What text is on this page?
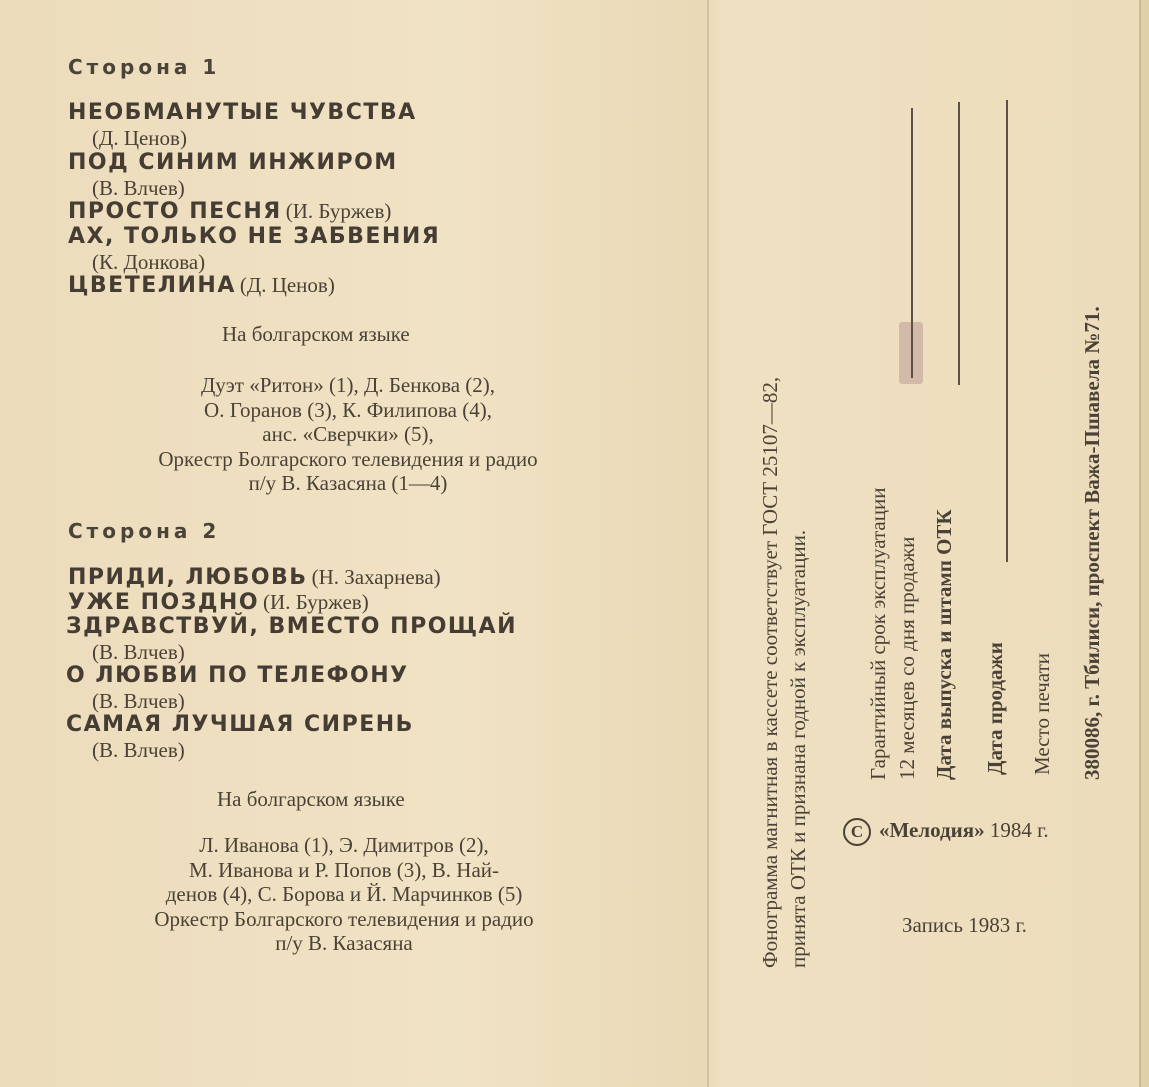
Сторона 1
НЕОБМАНУТЫЕ ЧУВСТВА
(Д. Ценов)
ПОД СИНИМ ИНЖИРОМ
(В. Влчев)
ПРОСТО ПЕСНЯ (И. Буржев)
АХ, ТОЛЬКО НЕ ЗАБВЕНИЯ
(К. Донкова)
ЦВЕТЕЛИНА (Д. Ценов)
На болгарском языке
Дуэт «Ритон» (1), Д. Бенкова (2),
О. Горанов (3), К. Филипова (4),
анс. «Сверчки» (5),
Оркестр Болгарского телевидения и радио
п/у В. Казасяна (1—4)
Сторона 2
ПРИДИ, ЛЮБОВЬ (Н. Захарнева)
УЖЕ ПОЗДНО (И. Буржев)
ЗДРАВСТВУЙ, ВМЕСТО ПРОЩАЙ
(В. Влчев)
О ЛЮБВИ ПО ТЕЛЕФОНУ
(В. Влчев)
САМАЯ ЛУЧШАЯ СИРЕНЬ
(В. Влчев)
На болгарском языке
Л. Иванова (1), Э. Димитров (2),
М. Иванова и Р. Попов (3), В. Най-
денов (4), С. Борова и Й. Марчинков (5)
Оркестр Болгарского телевидения и радио
п/у В. Казасяна	Фонограмма магнитная в кассете соответствует ГОСТ 25107—82, принята ОТК и признана годной к эксплуатации.	Гарантийный срок эксплуатации 12 месяцев со дня продажи Дата выпуска и штамп ОТК Дата продажи Место печати 380086, г. Тбилиси, проспект Важа-Пшавела №71.
C «Мелодия» 1984 г.
Запись 1983 г.
